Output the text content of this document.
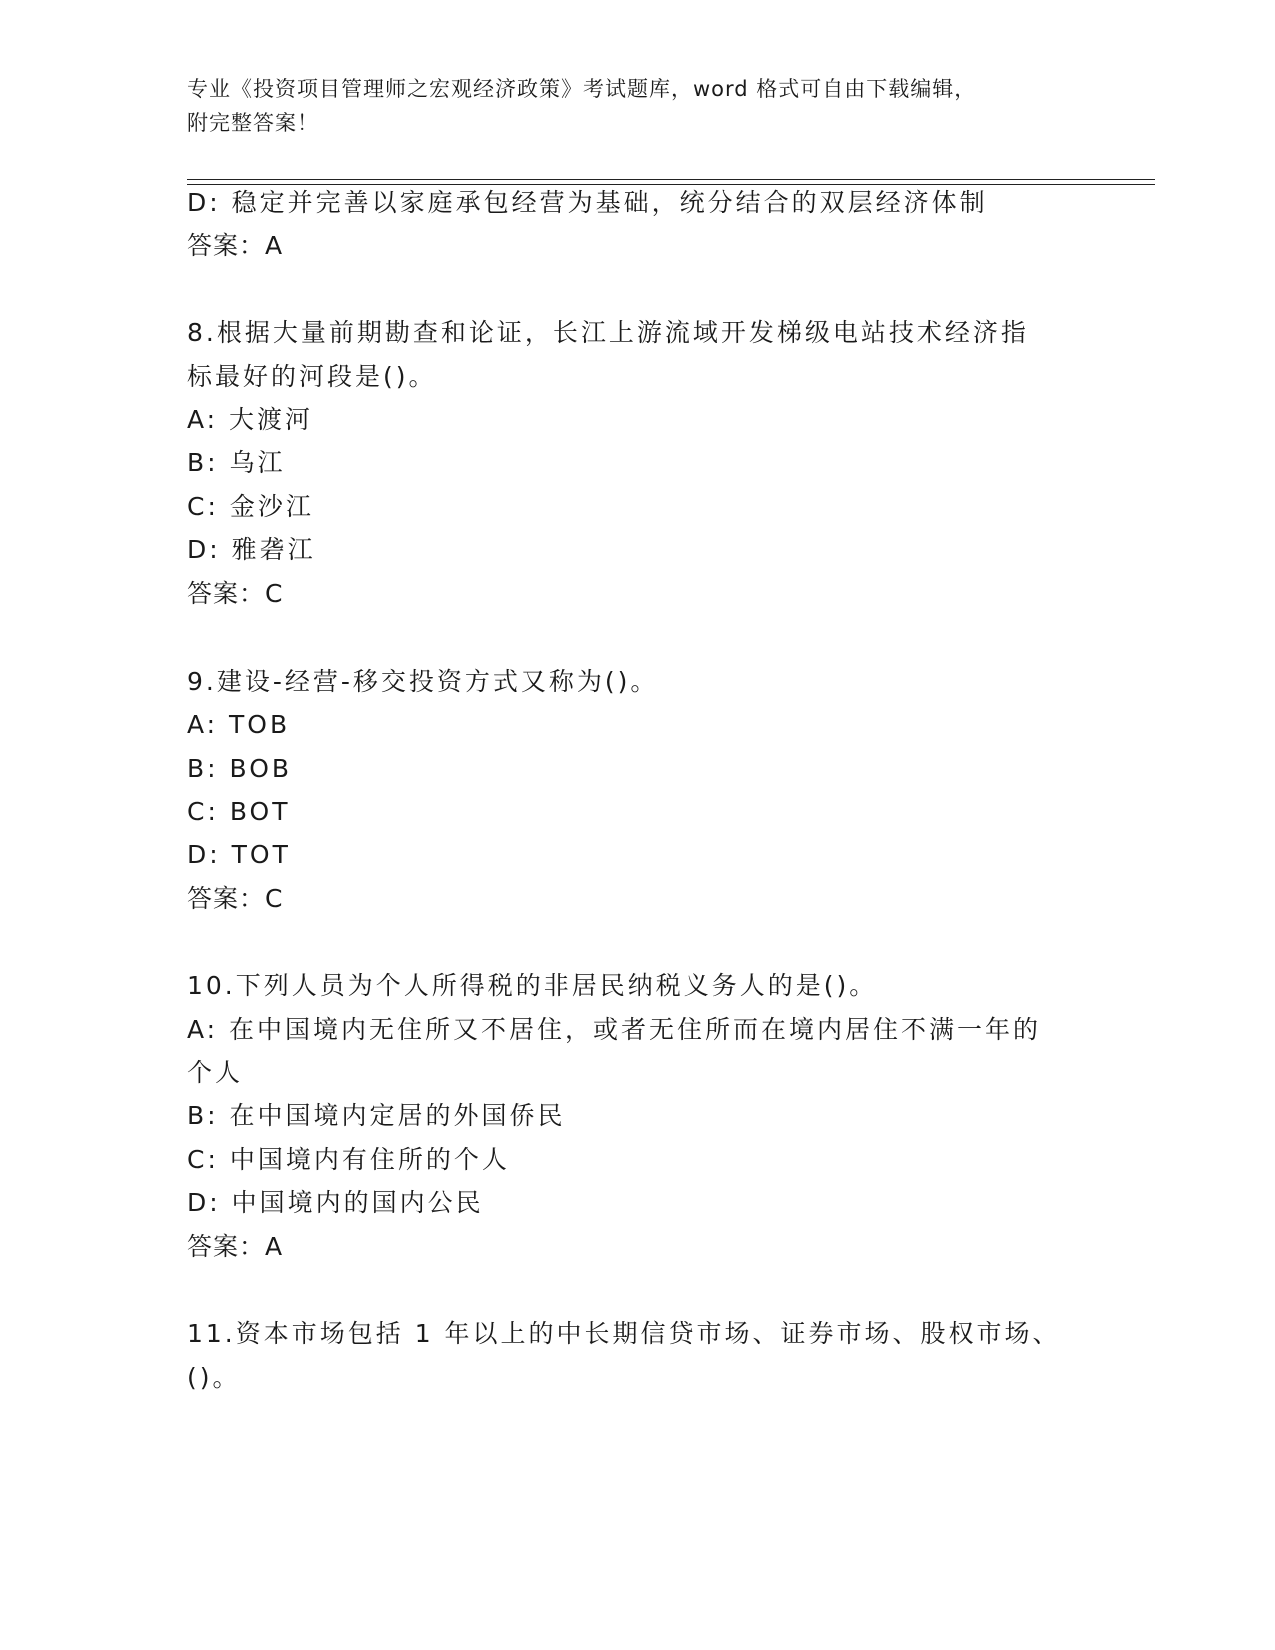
专业《投资项目管理师之宏观经济政策》考试题库，word 格式可自由下载编辑，
附完整答案！
D: 稳定并完善以家庭承包经营为基础，统分结合的双层经济体制
答案：A
8.根据大量前期勘查和论证，长江上游流域开发梯级电站技术经济指
标最好的河段是()。
A: 大渡河
B: 乌江
C: 金沙江
D: 雅砻江
答案：C
9.建设-经营-移交投资方式又称为()。
A: TOB
B: BOB
C: BOT
D: TOT
答案：C
10.下列人员为个人所得税的非居民纳税义务人的是()。
A: 在中国境内无住所又不居住，或者无住所而在境内居住不满一年的
个人
B: 在中国境内定居的外国侨民
C: 中国境内有住所的个人
D: 中国境内的国内公民
答案：A
11.资本市场包括 1 年以上的中长期信贷市场、证券市场、股权市场、
()。
